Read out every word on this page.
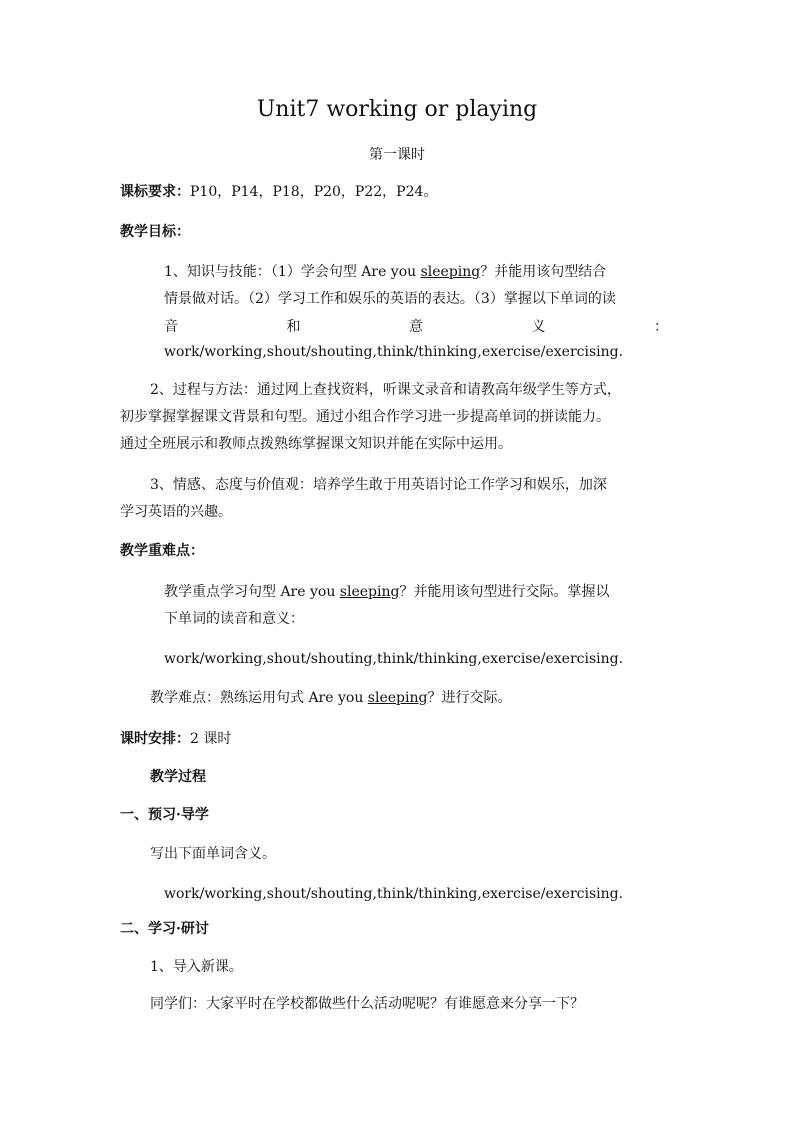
Unit7 working or playing
第一课时
课标要求：P10，P14，P18，P20，P22，P24。
教学目标：
1、知识与技能：（1）学会句型 Are you sleeping？并能用该句型结合
情景做对话。（2）学习工作和娱乐的英语的表达。（3）掌握以下单词的读
音	和	意	义	：
work/working,shout/shouting,think/thinking,exercise/exercising.
2、过程与方法：通过网上查找资料，听课文录音和请教高年级学生等方式，
初步掌握掌握课文背景和句型。通过小组合作学习进一步提高单词的拼读能力。
通过全班展示和教师点拨熟练掌握课文知识并能在实际中运用。
3、情感、态度与价值观：培养学生敢于用英语讨论工作学习和娱乐，加深
学习英语的兴趣。
教学重难点：
教学重点学习句型 Are you sleeping？并能用该句型进行交际。掌握以
下单词的读音和意义：
work/working,shout/shouting,think/thinking,exercise/exercising.
教学难点：熟练运用句式 Are you sleeping？进行交际。
课时安排：2 课时
教学过程
一、预习·导学
写出下面单词含义。
work/working,shout/shouting,think/thinking,exercise/exercising.
二、学习·研讨
1、导入新课。
同学们：大家平时在学校都做些什么活动呢呢？有谁愿意来分享一下？
